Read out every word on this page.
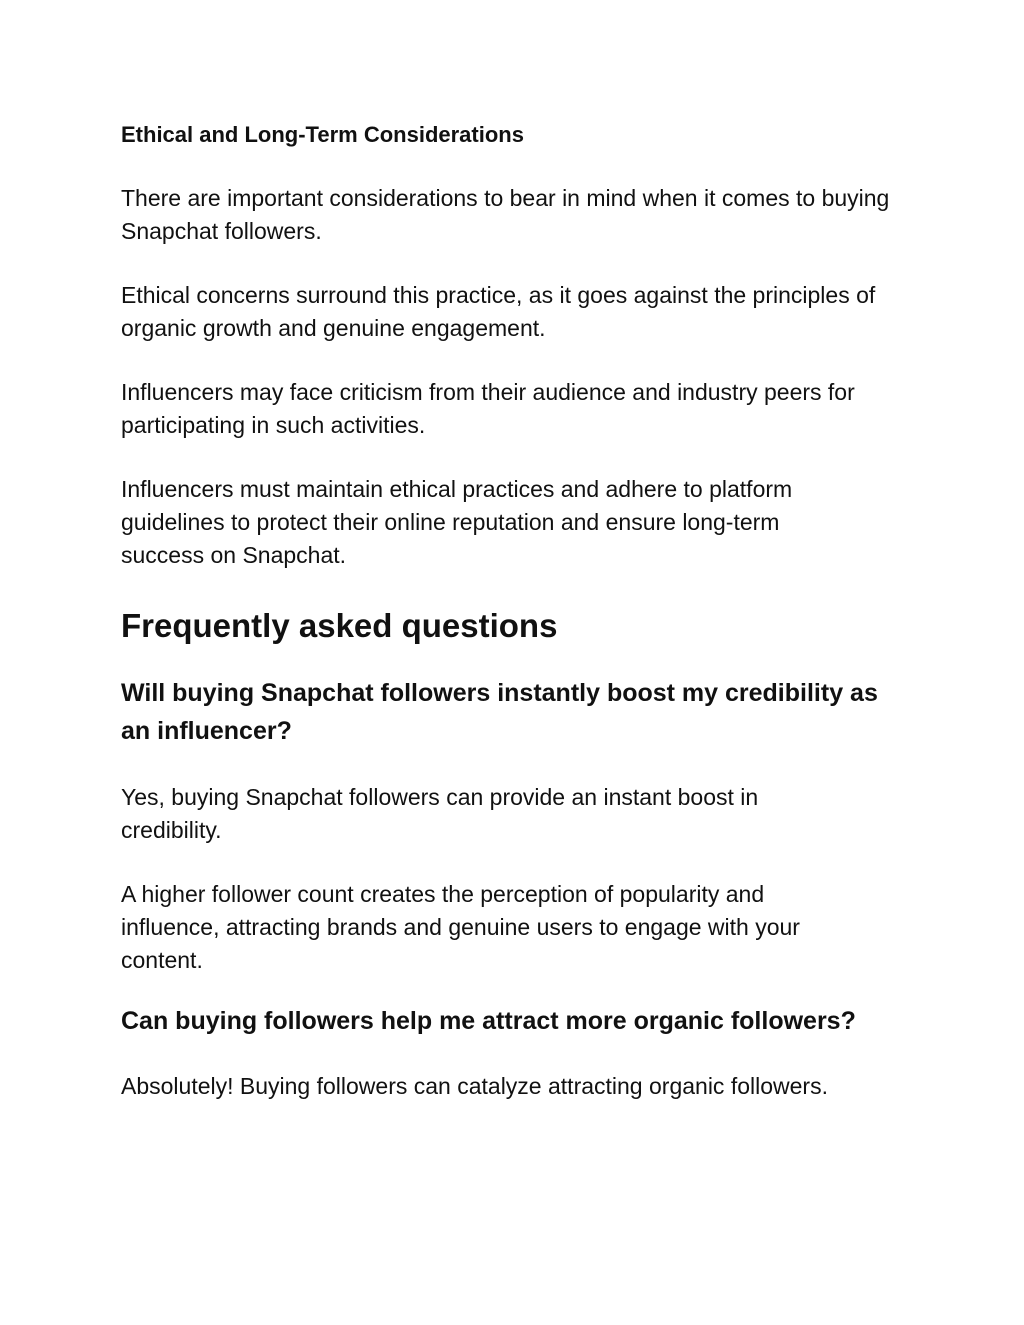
Ethical and Long-Term Considerations

There are important considerations to bear in mind when it comes to buying Snapchat followers.

Ethical concerns surround this practice, as it goes against the principles of organic growth and genuine engagement.

Influencers may face criticism from their audience and industry peers for participating in such activities.

Influencers must maintain ethical practices and adhere to platform guidelines to protect their online reputation and ensure long-term success on Snapchat.

Frequently asked questions
Will buying Snapchat followers instantly boost my credibility as an influencer?

Yes, buying Snapchat followers can provide an instant boost in credibility.

A higher follower count creates the perception of popularity and influence, attracting brands and genuine users to engage with your content.

Can buying followers help me attract more organic followers?

Absolutely! Buying followers can catalyze attracting organic followers.
